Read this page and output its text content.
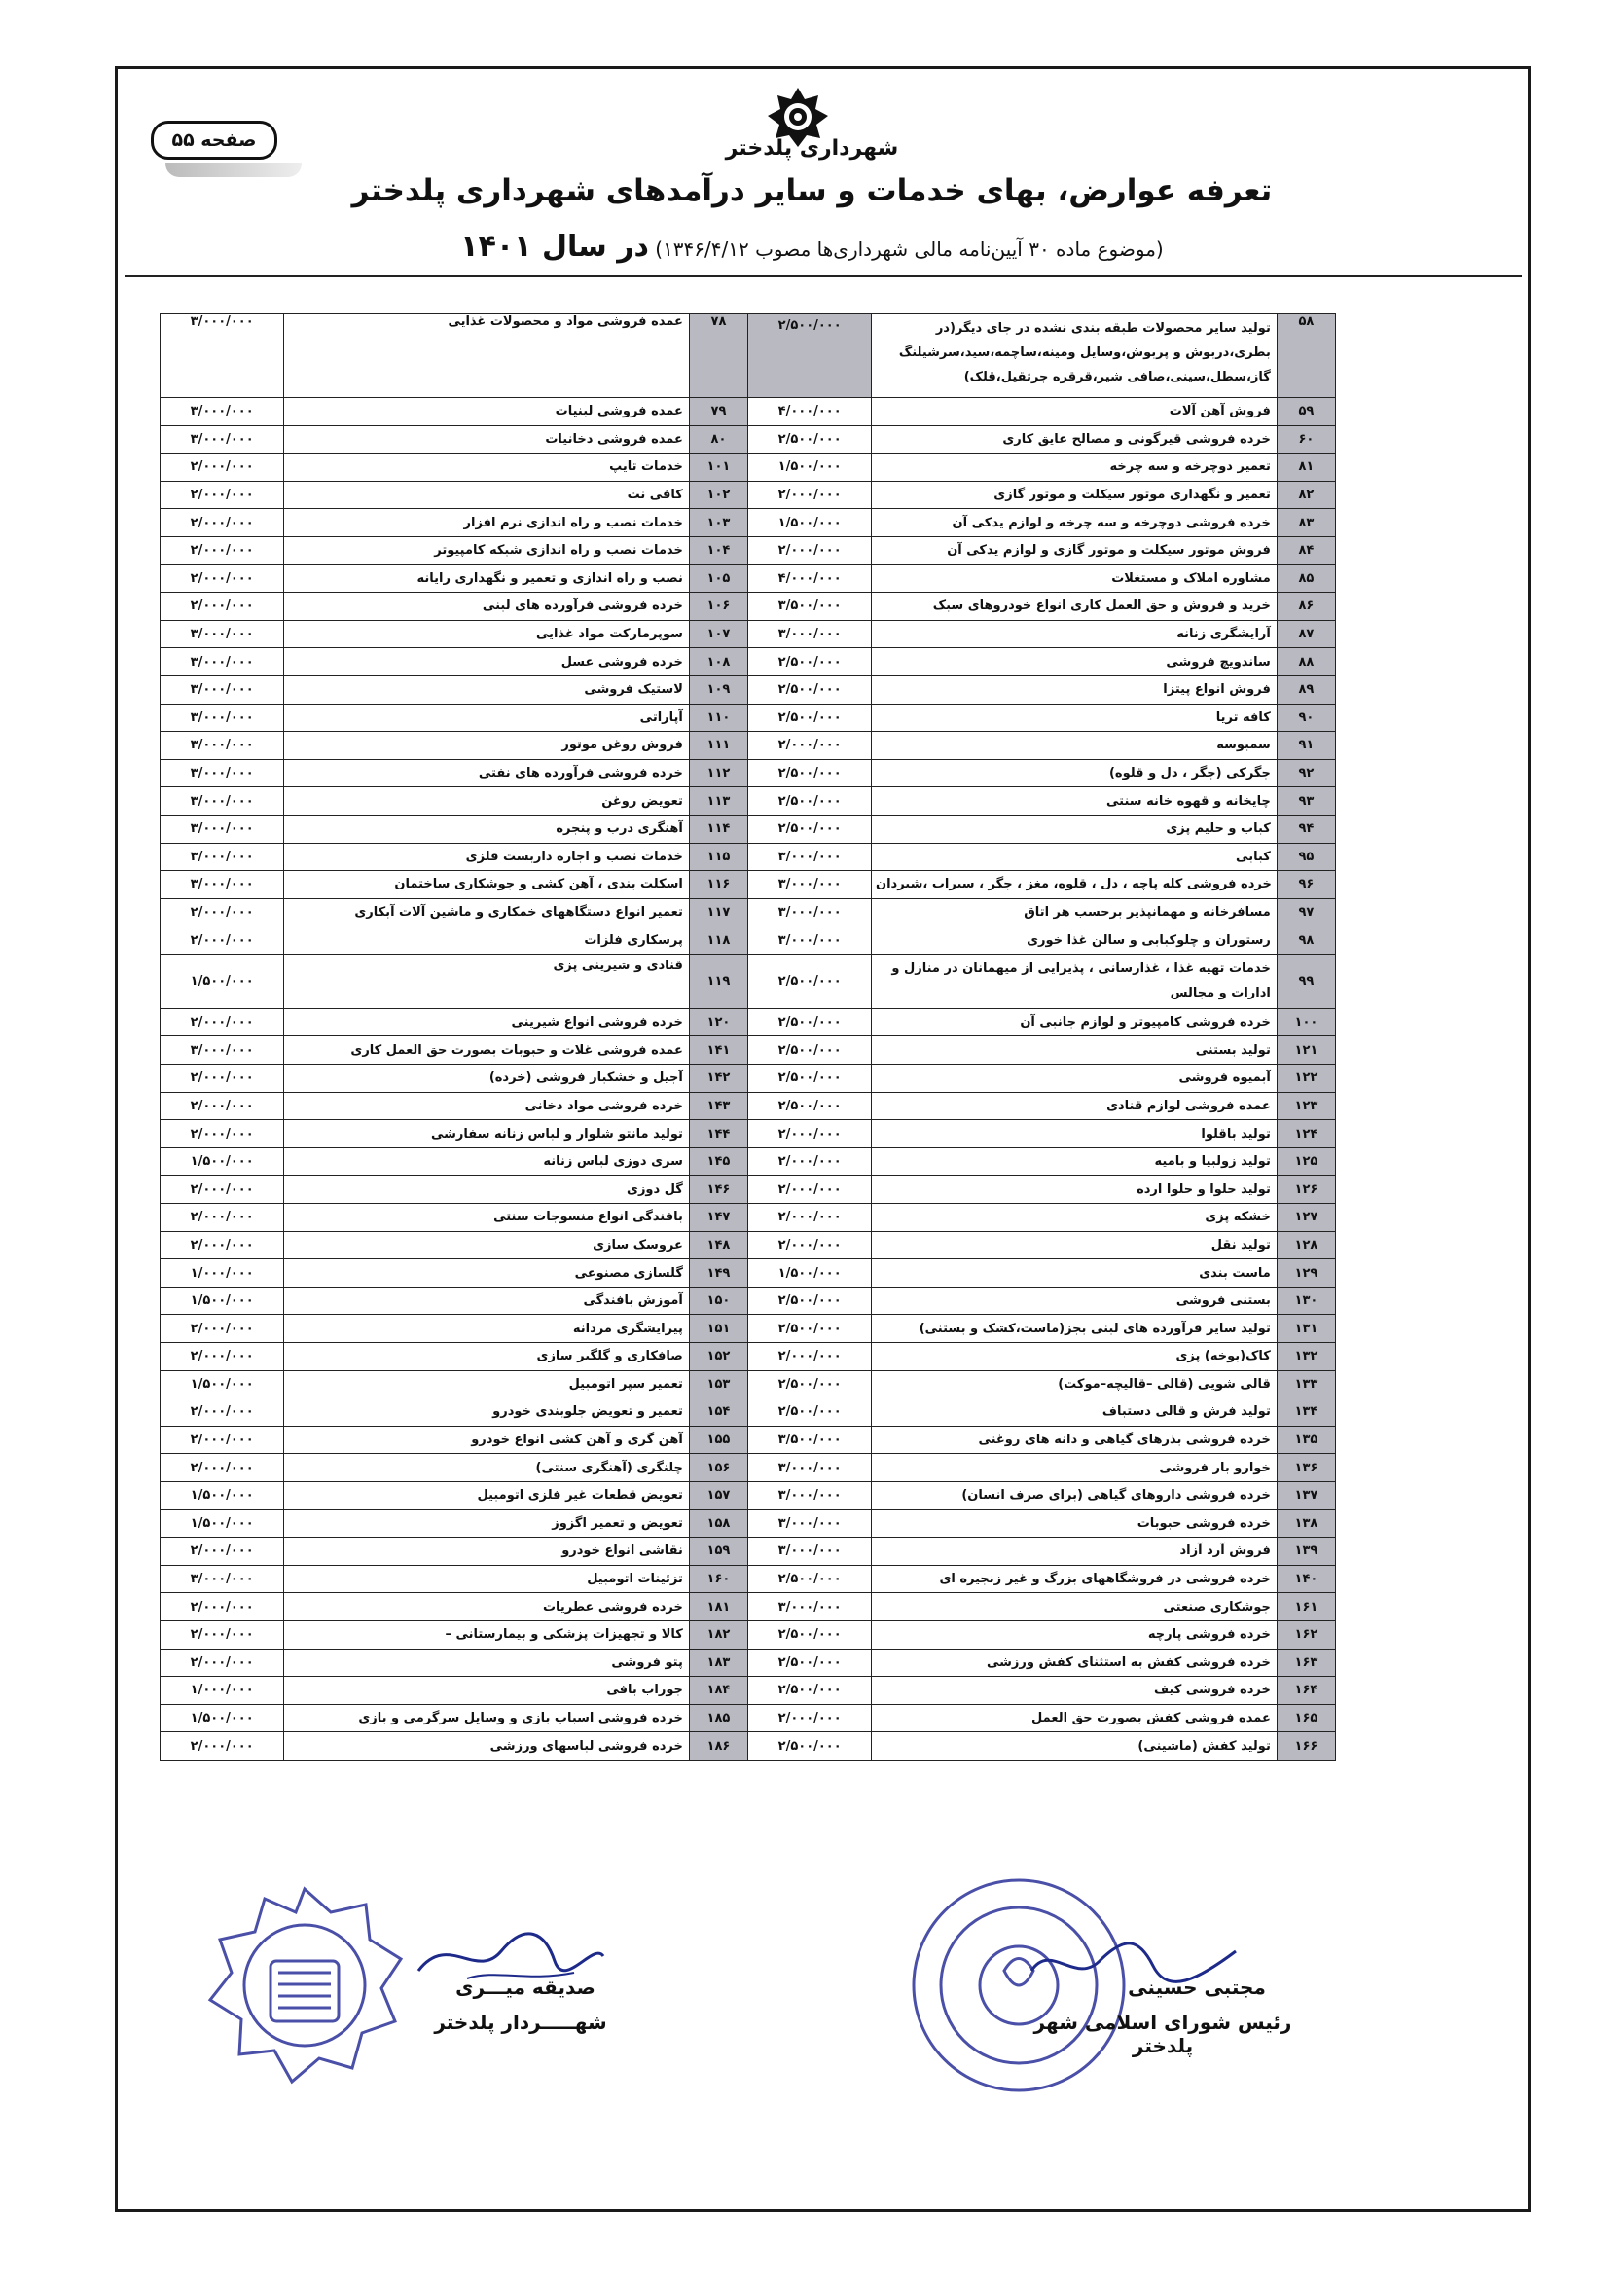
صفحه ۵۵	شهرداری پلدختر
تعرفه عوارض، بهای خدمات و سایر درآمدهای شهرداری پلدختر
(موضوع ماده ۳۰ آیین‌نامه مالی شهرداری‌ها مصوب ۱۳۴۶/۴/۱۲) در سال ۱۴۰۱
۵۸	تولید سایر محصولات طبقه بندی نشده در جای دیگر(در بطری،دربوش و پربوش،وسایل ومینه،ساچمه،سید،سرشیلنگ گاز،سطل،سینی،صافی شیر،قرقره جرثقیل،قلک)	۲/۵۰۰/۰۰۰	۷۸	عمده فروشی مواد و محصولات غذایی	۳/۰۰۰/۰۰۰
۵۹	فروش آهن آلات	۴/۰۰۰/۰۰۰	۷۹	عمده فروشی لبنیات	۳/۰۰۰/۰۰۰
۶۰	خرده فروشی قیرگونی و مصالح عایق کاری	۲/۵۰۰/۰۰۰	۸۰	عمده فروشی دخانیات	۳/۰۰۰/۰۰۰
۸۱	تعمیر دوچرخه و سه چرخه	۱/۵۰۰/۰۰۰	۱۰۱	خدمات تایپ	۲/۰۰۰/۰۰۰
۸۲	تعمیر و نگهداری موتور سیکلت و موتور گازی	۲/۰۰۰/۰۰۰	۱۰۲	کافی نت	۲/۰۰۰/۰۰۰
۸۳	خرده فروشی دوچرخه و سه چرخه و لوازم یدکی آن	۱/۵۰۰/۰۰۰	۱۰۳	خدمات نصب و راه اندازی نرم افزار	۲/۰۰۰/۰۰۰
۸۴	فروش موتور سیکلت و موتور گازی و لوازم یدکی آن	۲/۰۰۰/۰۰۰	۱۰۴	خدمات نصب و راه اندازی شبکه کامپیوتر	۲/۰۰۰/۰۰۰
۸۵	مشاوره املاک و مستغلات	۴/۰۰۰/۰۰۰	۱۰۵	نصب و راه اندازی و تعمیر و نگهداری رایانه	۲/۰۰۰/۰۰۰
۸۶	خرید و فروش و حق العمل کاری انواع خودروهای سبک	۳/۵۰۰/۰۰۰	۱۰۶	خرده فروشی فرآورده های لبنی	۲/۰۰۰/۰۰۰
۸۷	آرایشگری زنانه	۳/۰۰۰/۰۰۰	۱۰۷	سوپرمارکت مواد غذایی	۳/۰۰۰/۰۰۰
۸۸	ساندویچ فروشی	۲/۵۰۰/۰۰۰	۱۰۸	خرده فروشی عسل	۳/۰۰۰/۰۰۰
۸۹	فروش انواع پیتزا	۲/۵۰۰/۰۰۰	۱۰۹	لاستیک فروشی	۳/۰۰۰/۰۰۰
۹۰	کافه تریا	۲/۵۰۰/۰۰۰	۱۱۰	آپاراتی	۳/۰۰۰/۰۰۰
۹۱	سمبوسه	۲/۰۰۰/۰۰۰	۱۱۱	فروش روغن موتور	۳/۰۰۰/۰۰۰
۹۲	جگرکی (جگر ، دل و قلوه)	۲/۵۰۰/۰۰۰	۱۱۲	خرده فروشی فرآورده های نفتی	۳/۰۰۰/۰۰۰
۹۳	چایخانه و قهوه خانه سنتی	۲/۵۰۰/۰۰۰	۱۱۳	تعویض روغن	۳/۰۰۰/۰۰۰
۹۴	کباب و حلیم پزی	۲/۵۰۰/۰۰۰	۱۱۴	آهنگری درب و پنجره	۳/۰۰۰/۰۰۰
۹۵	کبابی	۳/۰۰۰/۰۰۰	۱۱۵	خدمات نصب و اجاره داربست فلزی	۳/۰۰۰/۰۰۰
۹۶	خرده فروشی کله پاچه ، دل ، قلوه، مغز ، جگر ، سیراب ،شیردان	۳/۰۰۰/۰۰۰	۱۱۶	اسکلت بندی ، آهن کشی و جوشکاری ساختمان	۳/۰۰۰/۰۰۰
۹۷	مسافرخانه و مهمانپذیر برحسب هر اتاق	۳/۰۰۰/۰۰۰	۱۱۷	تعمیر انواع دستگاههای خمکاری و ماشین آلات آبکاری	۲/۰۰۰/۰۰۰
۹۸	رستوران و چلوکبابی و سالن غذا خوری	۳/۰۰۰/۰۰۰	۱۱۸	پرسکاری فلزات	۲/۰۰۰/۰۰۰
۹۹	خدمات تهیه غذا ، غذارسانی ، پذیرایی از میهمانان در منازل و ادارات و مجالس	۲/۵۰۰/۰۰۰	۱۱۹	قنادی و شیرینی پزی	۱/۵۰۰/۰۰۰
۱۰۰	خرده فروشی کامپیوتر و لوازم جانبی آن	۲/۵۰۰/۰۰۰	۱۲۰	خرده فروشی انواع شیرینی	۲/۰۰۰/۰۰۰
۱۲۱	تولید بستنی	۲/۵۰۰/۰۰۰	۱۴۱	عمده فروشی غلات و حبوبات بصورت حق العمل کاری	۳/۰۰۰/۰۰۰
۱۲۲	آبمیوه فروشی	۲/۵۰۰/۰۰۰	۱۴۲	آجیل و خشکبار فروشی (خرده)	۲/۰۰۰/۰۰۰
۱۲۳	عمده فروشی لوازم قنادی	۲/۵۰۰/۰۰۰	۱۴۳	خرده فروشی مواد دخانی	۲/۰۰۰/۰۰۰
۱۲۴	تولید باقلوا	۲/۰۰۰/۰۰۰	۱۴۴	تولید مانتو شلوار و لباس زنانه سفارشی	۲/۰۰۰/۰۰۰
۱۲۵	تولید زولبیا و بامیه	۲/۰۰۰/۰۰۰	۱۴۵	سری دوزی لباس زنانه	۱/۵۰۰/۰۰۰
۱۲۶	تولید حلوا و حلوا ارده	۲/۰۰۰/۰۰۰	۱۴۶	گل دوزی	۲/۰۰۰/۰۰۰
۱۲۷	خشکه پزی	۲/۰۰۰/۰۰۰	۱۴۷	بافندگی انواع منسوجات سنتی	۲/۰۰۰/۰۰۰
۱۲۸	تولید نقل	۲/۰۰۰/۰۰۰	۱۴۸	عروسک سازی	۲/۰۰۰/۰۰۰
۱۲۹	ماست بندی	۱/۵۰۰/۰۰۰	۱۴۹	گلسازی مصنوعی	۱/۰۰۰/۰۰۰
۱۳۰	بستنی فروشی	۲/۵۰۰/۰۰۰	۱۵۰	آموزش بافندگی	۱/۵۰۰/۰۰۰
۱۳۱	تولید سایر فرآورده های لبنی بجز(ماست،کشک و بستنی)	۲/۵۰۰/۰۰۰	۱۵۱	پیرایشگری مردانه	۲/۰۰۰/۰۰۰
۱۳۲	کاک(بوخه) پزی	۲/۰۰۰/۰۰۰	۱۵۲	صافکاری و گلگیر سازی	۲/۰۰۰/۰۰۰
۱۳۳	قالی شویی (قالی –قالیچه–موکت)	۲/۵۰۰/۰۰۰	۱۵۳	تعمیر سپر اتومبیل	۱/۵۰۰/۰۰۰
۱۳۴	تولید فرش و قالی دستباف	۲/۵۰۰/۰۰۰	۱۵۴	تعمیر و تعویض جلوبندی خودرو	۲/۰۰۰/۰۰۰
۱۳۵	خرده فروشی بذرهای گیاهی و دانه های روغنی	۳/۵۰۰/۰۰۰	۱۵۵	آهن گری و آهن کشی انواع خودرو	۲/۰۰۰/۰۰۰
۱۳۶	خوارو بار فروشی	۳/۰۰۰/۰۰۰	۱۵۶	چلنگری (آهنگری سنتی)	۲/۰۰۰/۰۰۰
۱۳۷	خرده فروشی داروهای گیاهی (برای صرف انسان)	۳/۰۰۰/۰۰۰	۱۵۷	تعویض قطعات غیر فلزی اتومبیل	۱/۵۰۰/۰۰۰
۱۳۸	خرده فروشی حبوبات	۳/۰۰۰/۰۰۰	۱۵۸	تعویض و تعمیر اگزوز	۱/۵۰۰/۰۰۰
۱۳۹	فروش آرد آزاد	۳/۰۰۰/۰۰۰	۱۵۹	نقاشی انواع خودرو	۲/۰۰۰/۰۰۰
۱۴۰	خرده فروشی در فروشگاههای بزرگ و غیر زنجیره ای	۲/۵۰۰/۰۰۰	۱۶۰	تزئینات اتومبیل	۳/۰۰۰/۰۰۰
۱۶۱	جوشکاری صنعتی	۳/۰۰۰/۰۰۰	۱۸۱	خرده فروشی عطریات	۲/۰۰۰/۰۰۰
۱۶۲	خرده فروشی پارچه	۲/۵۰۰/۰۰۰	۱۸۲	کالا و تجهیزات پزشکی و بیمارستانی –	۲/۰۰۰/۰۰۰
۱۶۳	خرده فروشی کفش به استثنای کفش ورزشی	۲/۵۰۰/۰۰۰	۱۸۳	پتو فروشی	۲/۰۰۰/۰۰۰
۱۶۴	خرده فروشی کیف	۲/۵۰۰/۰۰۰	۱۸۴	جوراب بافی	۱/۰۰۰/۰۰۰
۱۶۵	عمده فروشی کفش بصورت حق العمل	۲/۰۰۰/۰۰۰	۱۸۵	خرده فروشی اسباب بازی و وسایل سرگرمی و بازی	۱/۵۰۰/۰۰۰
۱۶۶	تولید کفش (ماشینی)	۲/۵۰۰/۰۰۰	۱۸۶	خرده فروشی لباسهای ورزشی	۲/۰۰۰/۰۰۰
صدیقه میـــری
شهـــــردار پلدختر
مجتبی حسینی
رئیس شورای اسلامی شهر پلدختر
